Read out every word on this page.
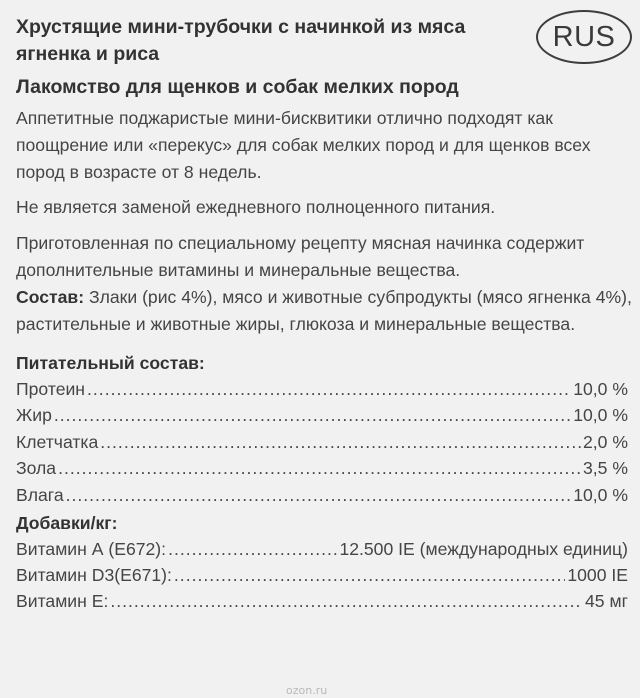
RUS
Хрустящие мини-трубочки с начинкой из мяса ягненка и риса
Лакомство для щенков и собак мелких пород

Аппетитные поджаристые мини-бисквитики отлично подходят как поощрение или «перекус» для собак мелких пород и для щенков всех пород в возрасте от 8 недель.

Не является заменой ежедневного полноценного питания.

Приготовленная по специальному рецепту мясная начинка содержит дополнительные витамины и минеральные вещества.

Состав: Злаки (рис 4%), мясо и животные субпродукты (мясо ягненка 4%), растительные и животные жиры, глюкоза и минеральные вещества.

Питательный состав:
Протеин .....	10,0 %
Жир .....	10,0 %
Клетчатка .....	2,0 %
Зола .....	3,5 %
Влага .....	10,0 %
Добавки/кг:
Витамин А (Е672): .....	12.500 IE (международных единиц)
Витамин D3(Е671): .....	1000 IE
Витамин Е: .....	45 мг
ozon.ru
